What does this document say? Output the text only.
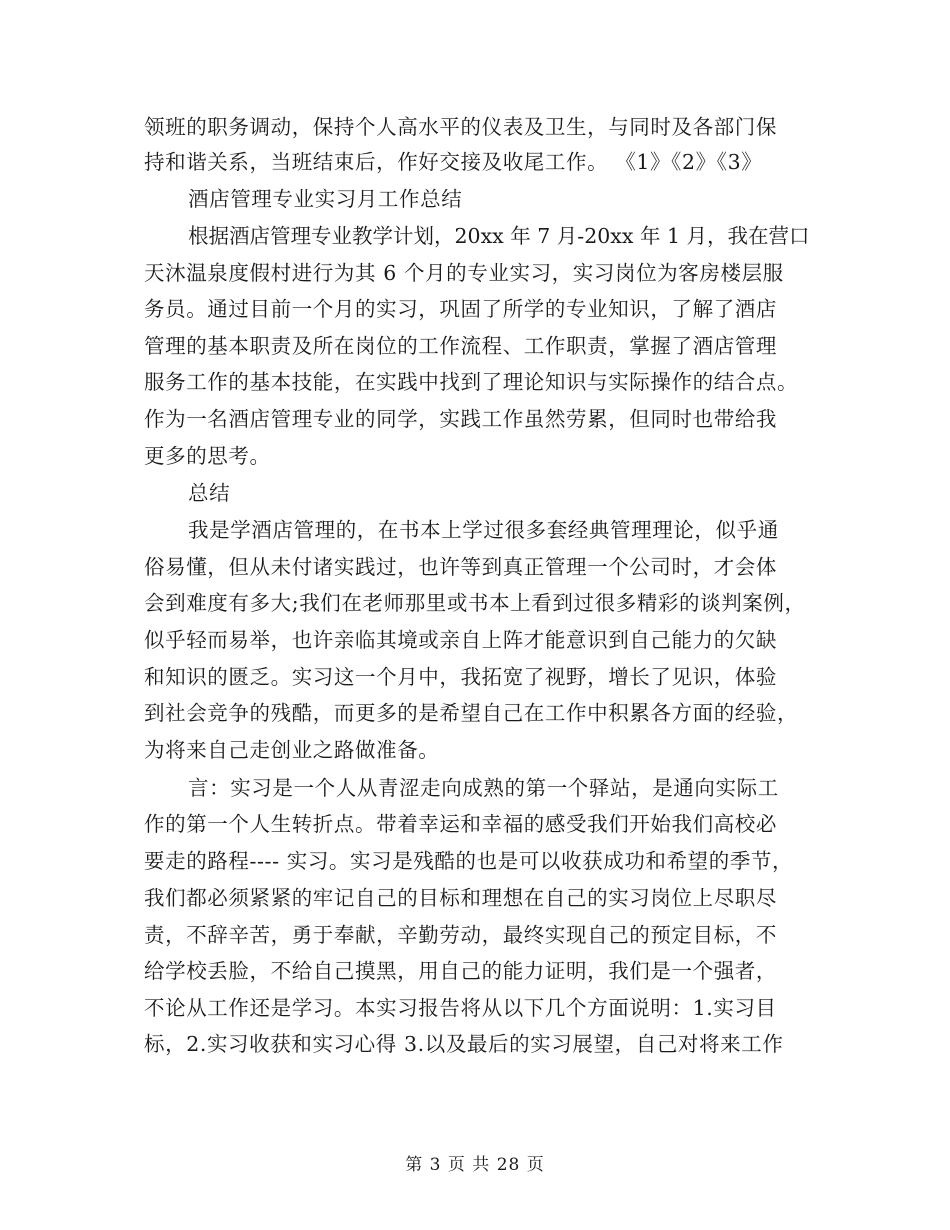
领班的职务调动，保持个人高水平的仪表及卫生，与同时及各部门保
持和谐关系，当班结束后，作好交接及收尾工作。 《1》《2》《3》
酒店管理专业实习月工作总结
根据酒店管理专业教学计划，20xx 年 7 月-20xx 年 1 月，我在营口
天沐温泉度假村进行为其 6 个月的专业实习，实习岗位为客房楼层服
务员。通过目前一个月的实习，巩固了所学的专业知识，了解了酒店
管理的基本职责及所在岗位的工作流程、工作职责，掌握了酒店管理
服务工作的基本技能，在实践中找到了理论知识与实际操作的结合点。
作为一名酒店管理专业的同学，实践工作虽然劳累，但同时也带给我
更多的思考。
总结
我是学酒店管理的，在书本上学过很多套经典管理理论，似乎通
俗易懂，但从未付诸实践过，也许等到真正管理一个公司时，才会体
会到难度有多大;我们在老师那里或书本上看到过很多精彩的谈判案例，
似乎轻而易举，也许亲临其境或亲自上阵才能意识到自己能力的欠缺
和知识的匮乏。实习这一个月中，我拓宽了视野，增长了见识，体验
到社会竞争的残酷，而更多的是希望自己在工作中积累各方面的经验，
为将来自己走创业之路做准备。
言：实习是一个人从青涩走向成熟的第一个驿站，是通向实际工
作的第一个人生转折点。带着幸运和幸福的感受我们开始我们高校必
要走的路程---- 实习。实习是残酷的也是可以收获成功和希望的季节，
我们都必须紧紧的牢记自己的目标和理想在自己的实习岗位上尽职尽
责，不辞辛苦，勇于奉献，辛勤劳动，最终实现自己的预定目标，不
给学校丢脸，不给自己摸黑，用自己的能力证明，我们是一个强者，
不论从工作还是学习。本实习报告将从以下几个方面说明：1.实习目
标，2.实习收获和实习心得 3.以及最后的实习展望，自己对将来工作
第 3 页 共 28 页
